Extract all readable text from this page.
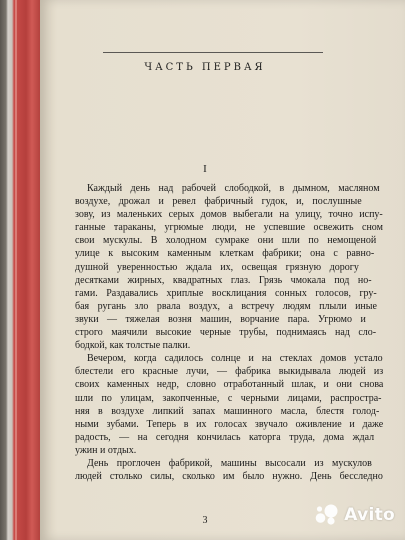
ЧАСТЬ ПЕРВАЯ
I
Каждый день над рабочей слободкой, в дымном, масляном
воздухе, дрожал и ревел фабричный гудок, и, послушные
зову, из маленьких серых домов выбегали на улицу, точно испу-
ганные тараканы, угрюмые люди, не успевшие освежить сном
свои мускулы. В холодном сумраке они шли по немощеной
улице к высоким каменным клеткам фабрики; она с равно-
душной уверенностью ждала их, освещая грязную дорогу
десятками жирных, квадратных глаз. Грязь чмокала под но-
гами. Раздавались хриплые восклицания сонных голосов, гру-
бая ругань зло рвала воздух, а встречу людям плыли иные
звуки — тяжелая возня машин, ворчание пара. Угрюмо и
строго маячили высокие черные трубы, поднимаясь над сло-
бодкой, как толстые палки.
Вечером, когда садилось солнце и на стеклах домов устало
блестели его красные лучи, — фабрика выкидывала людей из
своих каменных недр, словно отработанный шлак, и они снова
шли по улицам, закопченные, с черными лицами, распростра-
няя в воздухе липкий запах машинного масла, блестя голод-
ными зубами. Теперь в их голосах звучало оживление и даже
радость, — на сегодня кончилась каторга труда, дома ждал
ужин и отдых.
День проглочен фабрикой, машины высосали из мускулов
людей столько силы, сколько им было нужно. День бесследно
3	Avito
